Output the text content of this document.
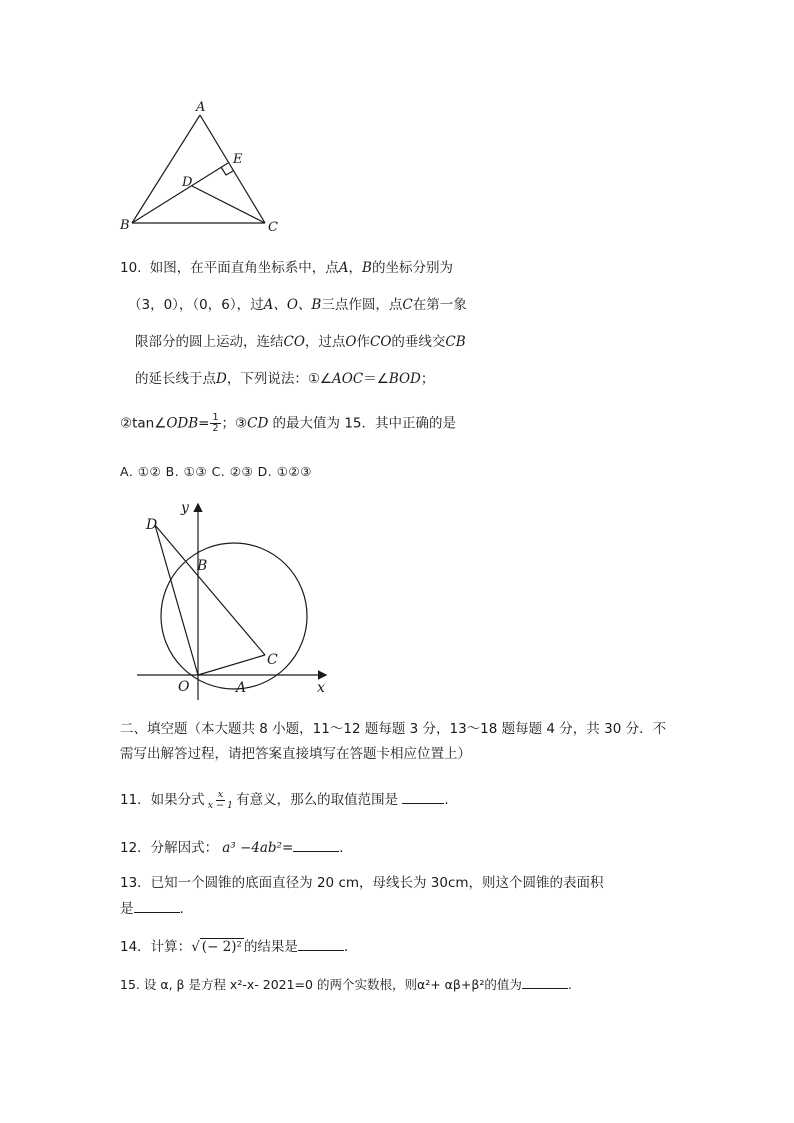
A
E
D
B	C
10. 如图，在平面直角坐标系中，点A，B的坐标分别为
（3，0），（0，6），过A、O、B三点作圆，点C在第一象
限部分的圆上运动，连结CO，过点O作CO的垂线交CB
的延长线于点D，下列说法：①∠AOC＝∠BOD；
②tan∠ODB= $\frac{1}{2}$ ；③CD 的最大值为 15．其中正确的是
A. ①② B. ①③ C. ②③ D. ①②③
D
y
B
C
O	A	x
二、填空题（本大题共 8 小题，11～12 题每题 3 分，13～18 题每题 4 分，共 30 分．不
需写出解答过程，请把答案直接填写在答题卡相应位置上）
11．如果分式 $\frac{x}{x - 1}$ 有意义，那么的取值范围是	.
12．分解因式： a³ −4ab²=	.
13．已知一个圆锥的底面直径为 20 cm，母线长为 30cm，则这个圆锥的表面积
是	.
14．计算：√ (− 2)² 的结果是	．
15. 设 α, β 是方程 x²-x- 2021=0 的两个实数根，则α²+ αβ+β²的值为	.
